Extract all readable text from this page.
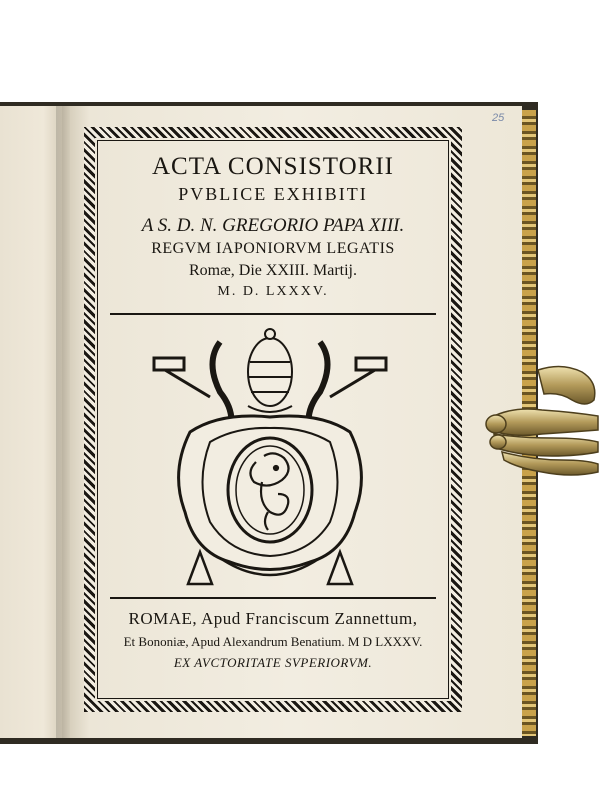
25
ACTA CONSISTORII
PVBLICE EXHIBITI
A S. D. N. GREGORIO PAPA XIII.
REGVM IAPONIORVM LEGATIS
Romæ, Die XXIII. Martij.
M. D. LXXXV.
ROMAE, Apud Franciscum Zannettum,
Et Bononiæ, Apud Alexandrum Benatium. M D LXXXV.
EX AVCTORITATE SVPERIORVM.
